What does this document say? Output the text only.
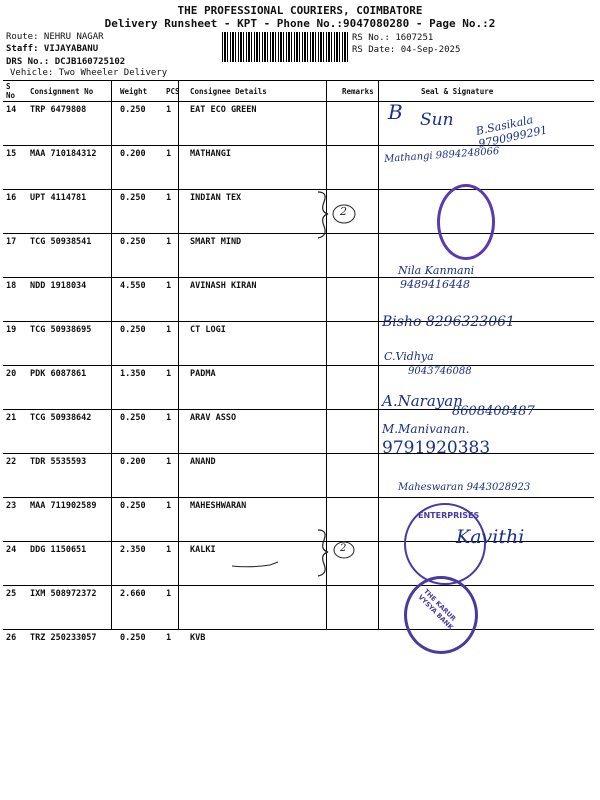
THE PROFESSIONAL COURIERS, COIMBATORE
Delivery Runsheet - KPT - Phone No.:9047080280 - Page No.:2
Route: NEHRU NAGAR
Staff: VIJAYABANU
DRS No.: DCJB160725102
Vehicle: Two Wheeler Delivery
RS No.: 1607251
RS Date: 04-Sep-2025
S No	Consignment No	Weight	PCS	Consignee Details	Remarks	Seal & Signature
14	TRP 6479808	0.250	1	EAT ECO GREEN		
15	MAA 710184312	0.200	1	MATHANGI		
16	UPT 4114781	0.250	1	INDIAN TEX		
17	TCG 50938541	0.250	1	SMART MIND		
18	NDD 1918034	4.550	1	AVINASH KIRAN		
19	TCG 50938695	0.250	1	CT LOGI		
20	PDK 6087861	1.350	1	PADMA		
21	TCG 50938642	0.250	1	ARAV ASSO		
22	TDR 5535593	0.200	1	ANAND		
23	MAA 711902589	0.250	1	MAHESHWARAN		
24	DDG 1150651	2.350	1	KALKI		
25	IXM 508972372	2.660	1			
26	TRZ 250233057	0.250	1	KVB		
B Sun B.Sasikala 9790999291
Mathangi 9894248066
Nila Kanmani
9489416448
Bisho 8296323061
C.Vidhya
9043746088
A.Narayan
8608408487
M.Manivanan.
9791920383
Maheswaran 9443028923
ENTERPRISES
Kavithi
THE KARUR VYSYA BANK
2
2
